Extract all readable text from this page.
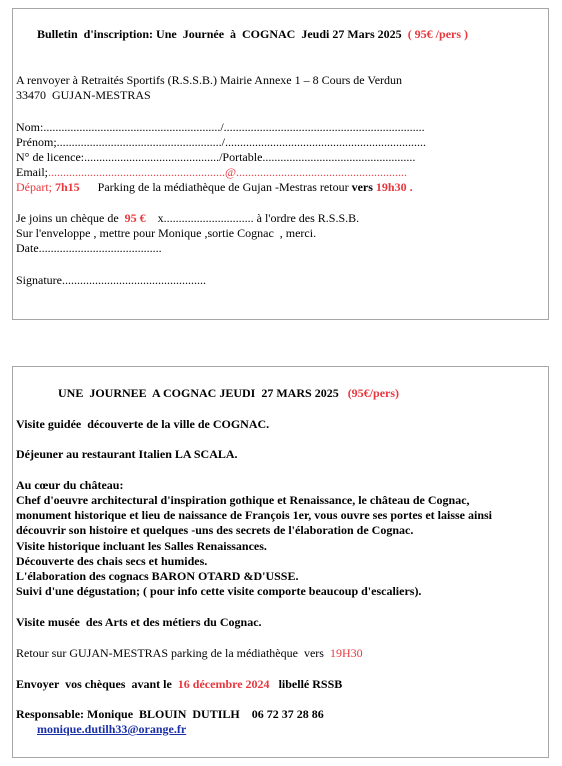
Bulletin  d'inscription: Une  Journée  à  COGNAC  Jeudi 27 Mars 2025 ( 95€ /pers )
A renvoyer à Retraités Sportifs (R.S.S.B.) Mairie Annexe 1 – 8 Cours de Verdun
33470  GUJAN-MESTRAS
Nom:.........................................................../...................................................................
Prénom;......................................................./...................................................................
N° de licence:............................................./Portable...................................................
Email;...........................................................@.........................................................
Départ; 7h15 Parking de la médiathèque de Gujan -Mestras retour vers 19h30 .
Je joins un chèque de 95 € x.............................. à l'ordre des R.S.S.B.
Sur l'enveloppe , mettre pour Monique ,sortie Cognac  , merci.
Date.........................................
Signature................................................
UNE  JOURNEE  A COGNAC JEUDI  27 MARS 2025 (95€/pers)
Visite guidée  découverte de la ville de COGNAC.
Déjeuner au restaurant Italien LA SCALA.
Au cœur du château:
Chef d'oeuvre architectural d'inspiration gothique et Renaissance, le château de Cognac,
monument historique et lieu de naissance de François 1er, vous ouvre ses portes et laisse ainsi
découvrir son histoire et quelques -uns des secrets de l'élaboration de Cognac.
Visite historique incluant les Salles Renaissances.
Découverte des chais secs et humides.
L'élaboration des cognacs BARON OTARD &D'USSE.
Suivi d'une dégustation; ( pour info cette visite comporte beaucoup d'escaliers).
Visite musée  des Arts et des métiers du Cognac.
Retour sur GUJAN-MESTRAS parking de la médiathèque  vers 19H30
Envoyer  vos chèques  avant le 16 décembre 2024 libellé RSSB
Responsable: Monique  BLOUIN  DUTILH    06 72 37 28 86
monique.dutilh33@orange.fr
